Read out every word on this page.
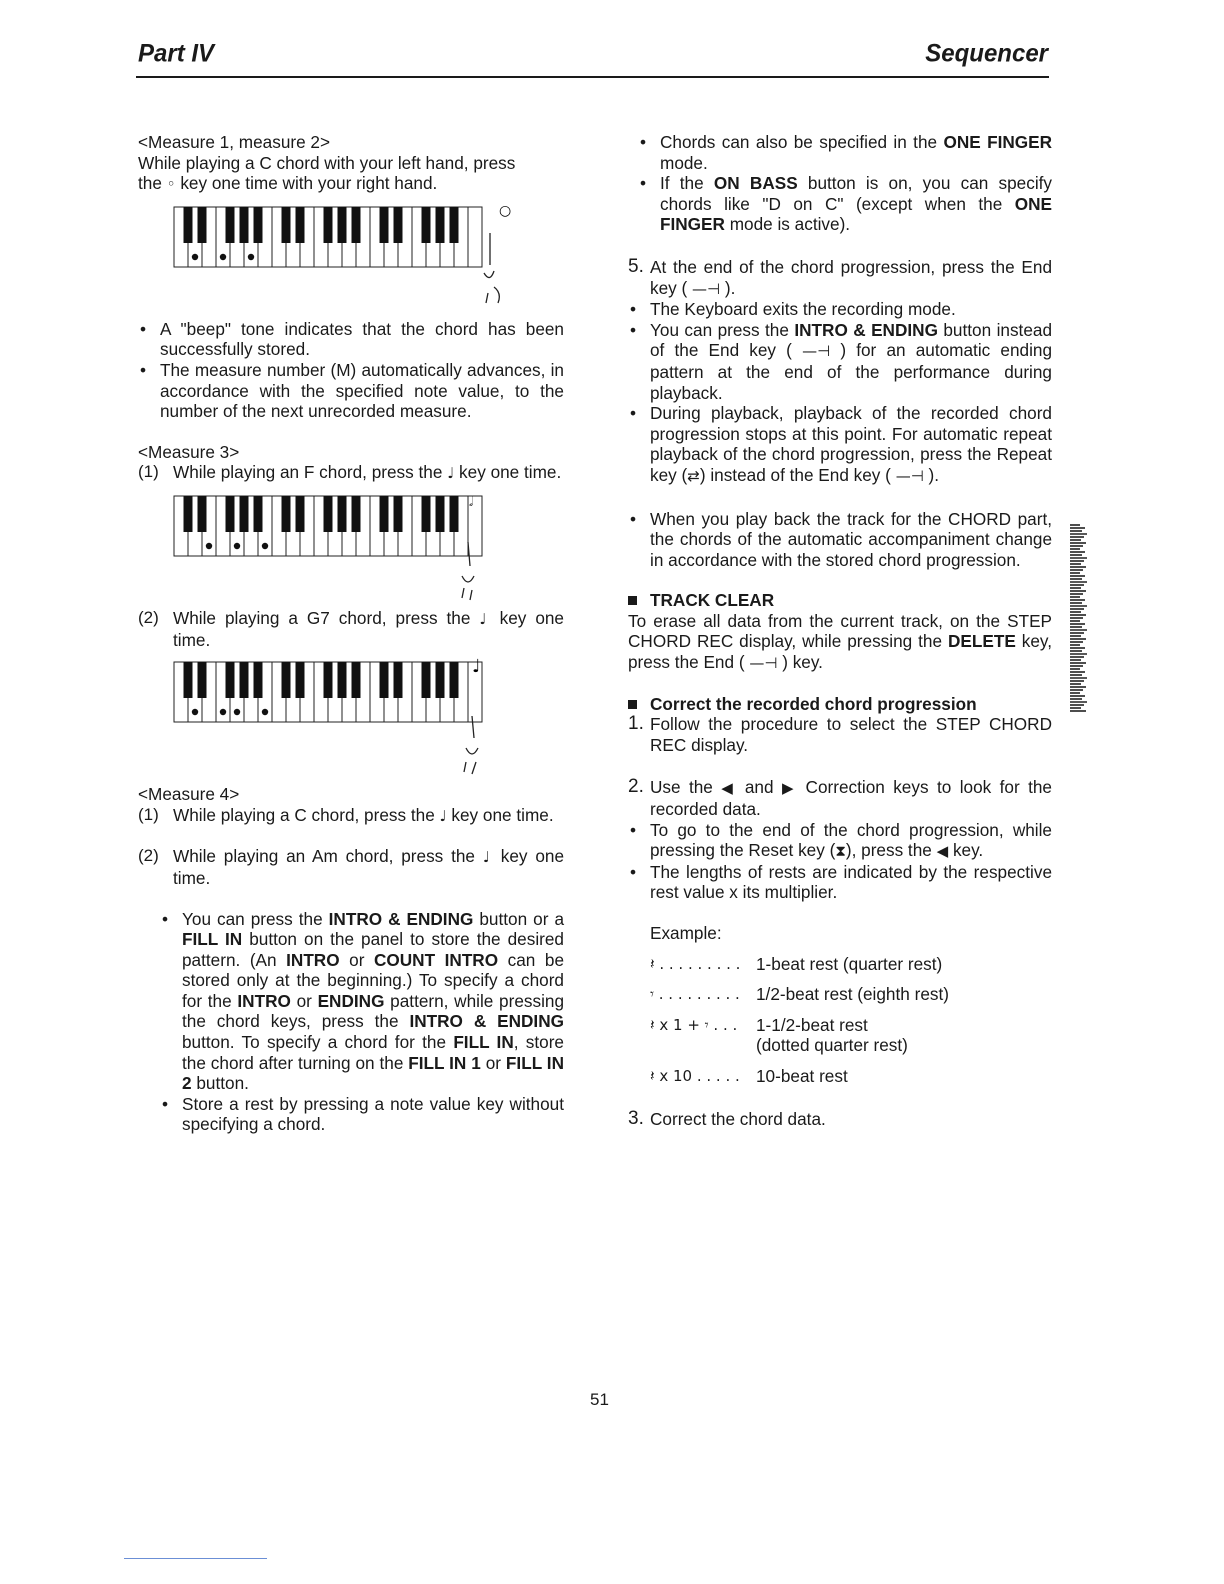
Part IV	Sequencer

<Measure 1, measure 2>

While playing a C chord with your left hand, press

the ◦ key one time with your right hand.

○
• A "beep" tone indicates that the chord has been successfully stored.
• The measure number (M) automatically advances, in accordance with the specified note value, to the number of the next unrecorded measure.

<Measure 3>

(1) While playing an F chord, press the ♩ key one time.
𝅗𝅥
(2) While playing a G7 chord, press the ♩ key one time.
♩

<Measure 4>

(1) While playing a C chord, press the ♩ key one time.
(2) While playing an Am chord, press the ♩ key one time.
• You can press the INTRO & ENDING button or a FILL IN button on the panel to store the desired pattern. (An INTRO or COUNT INTRO can be stored only at the beginning.) To specify a chord for the INTRO or ENDING pattern, while pressing the chord keys, press the INTRO & ENDING button. To specify a chord for the FILL IN, store the chord after turning on the FILL IN 1 or FILL IN 2 button.
• Store a rest by pressing a note value key without specifying a chord.
• Chords can also be specified in the ONE FINGER mode.
• If the ON BASS button is on, you can specify chords like "D on C" (except when the ONE FINGER mode is active).
5. At the end of the chord progression, press the End key ( —⊣ ).
• The Keyboard exits the recording mode.
• You can press the INTRO & ENDING button instead of the End key ( —⊣ ) for an automatic ending pattern at the end of the performance during playback.
• During playback, playback of the recorded chord progression stops at this point. For automatic repeat playback of the chord progression, press the Repeat key (⇄) instead of the End key ( —⊣ ).
• When you play back the track for the CHORD part, the chords of the automatic accompaniment change in accordance with the stored chord progression.
TRACK CLEAR

To erase all data from the current track, on the STEP CHORD REC display, while pressing the DELETE key, press the End ( —⊣ ) key.

Correct the recorded chord progression
1. Follow the procedure to select the STEP CHORD REC display.
2. Use the ◀ and ▶ Correction keys to look for the recorded data.
• To go to the end of the chord progression, while pressing the Reset key (⧗), press the ◀ key.
• The lengths of rests are indicated by the respective rest value x its multiplier.

Example:

𝄽 . . . . . . . . . 1-beat rest (quarter rest)
𝄾 . . . . . . . . . 1/2-beat rest (eighth rest)
𝄽 x 1 + 𝄾 . . .	1-1/2-beat rest
(dotted quarter rest)
𝄽 x 10 . . . . . 10-beat rest
3. Correct the chord data.
51
